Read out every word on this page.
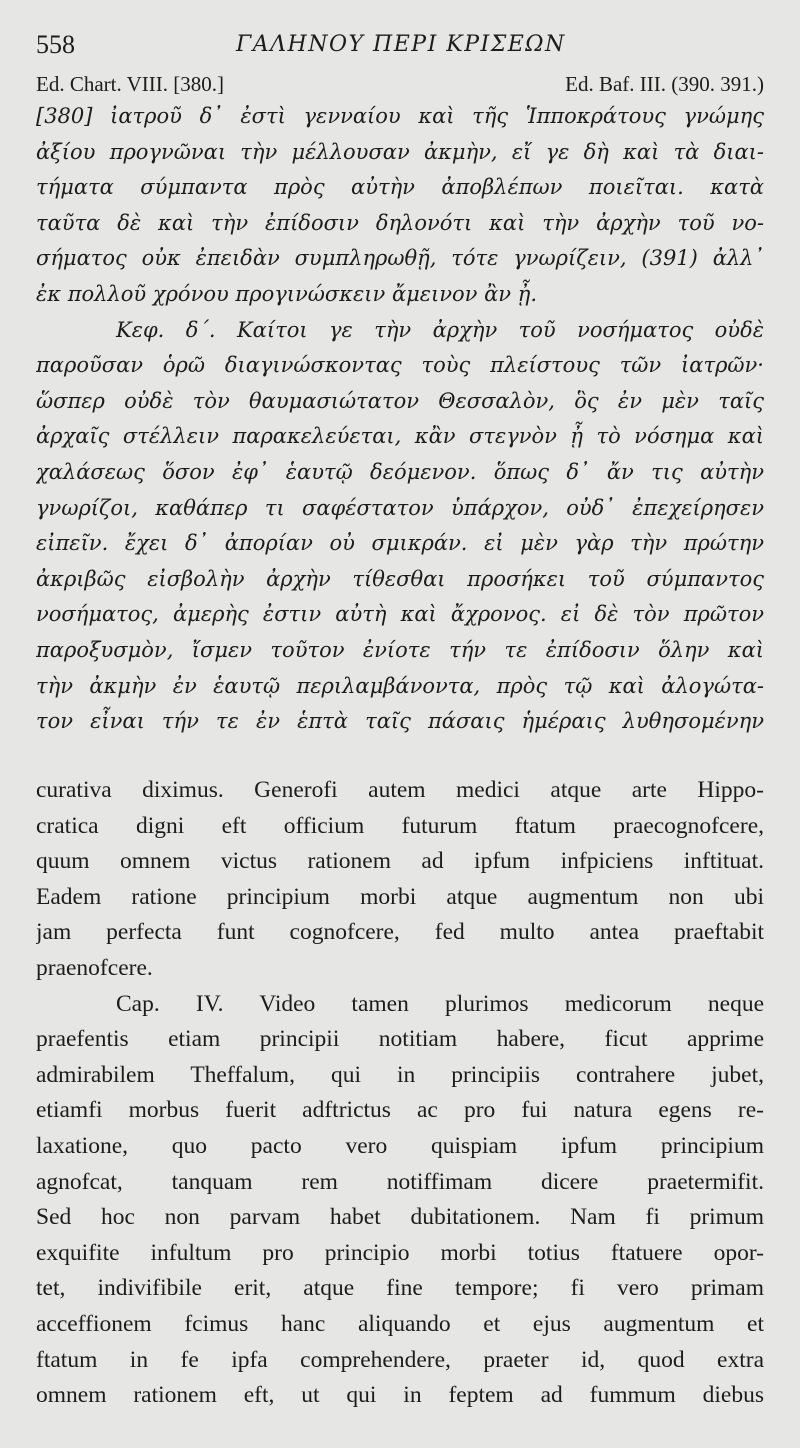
558	ΓΑΛΗΝΟΥ ΠΕΡΙ ΚΡΙΣΕΩΝ
Ed. Chart. VIII. [380.]	Ed. Baf. III. (390. 391.)
[380] ἰατροῦ δ᾽ ἐστὶ γενναίου καὶ τῆς Ἱπποκράτους γνώμης
ἀξίου προγνῶναι τὴν μέλλουσαν ἀκμὴν, εἴ γε δὴ καὶ τὰ διαι-
τήματα σύμπαντα πρὸς αὐτὴν ἀποβλέπων ποιεῖται. κατὰ
ταῦτα δὲ καὶ τὴν ἐπίδοσιν δηλονότι καὶ τὴν ἀρχὴν τοῦ νο-
σήματος οὐκ ἐπειδὰν συμπληρωθῇ, τότε γνωρίζειν, (391) ἀλλ᾽
ἐκ πολλοῦ χρόνου προγινώσκειν ἄμεινον ἂν ᾖ.
Κεφ. δ΄. Καίτοι γε τὴν ἀρχὴν τοῦ νοσήματος οὐδὲ
παροῦσαν ὁρῶ διαγινώσκοντας τοὺς πλείστους τῶν ἰατρῶν·
ὥσπερ οὐδὲ τὸν θαυμασιώτατον Θεσσαλὸν, ὃς ἐν μὲν ταῖς
ἀρχαῖς στέλλειν παρακελεύεται, κἂν στεγνὸν ᾖ τὸ νόσημα καὶ
χαλάσεως ὅσον ἐφ᾽ ἑαυτῷ δεόμενον. ὅπως δ᾽ ἄν τις αὐτὴν
γνωρίζοι, καθάπερ τι σαφέστατον ὑπάρχον, οὐδ᾽ ἐπεχείρησεν
εἰπεῖν. ἔχει δ᾽ ἀπορίαν οὐ σμικράν. εἰ μὲν γὰρ τὴν πρώτην
ἀκριβῶς εἰσβολὴν ἀρχὴν τίθεσθαι προσήκει τοῦ σύμπαντος
νοσήματος, ἀμερὴς ἐστιν αὐτὴ καὶ ἄχρονος. εἰ δὲ τὸν πρῶτον
παροξυσμὸν, ἴσμεν τοῦτον ἐνίοτε τήν τε ἐπίδοσιν ὅλην καὶ
τὴν ἀκμὴν ἐν ἑαυτῷ περιλαμβάνοντα, πρὸς τῷ καὶ ἀλογώτα-
τον εἶναι τήν τε ἐν ἑπτὰ ταῖς πάσαις ἡμέραις λυθησομένην
curativa diximus. Generofi autem medici atque arte Hippo-
cratica digni eft officium futurum ftatum praecognofcere,
quum omnem victus rationem ad ipfum infpiciens inftituat.
Eadem ratione principium morbi atque augmentum non ubi
jam perfecta funt cognofcere, fed multo antea praeftabit
praenofcere.
Cap. IV. Video tamen plurimos medicorum neque
praefentis etiam principii notitiam habere, ficut apprime
admirabilem Theffalum, qui in principiis contrahere jubet,
etiamfi morbus fuerit adftrictus ac pro fui natura egens re-
laxatione, quo pacto vero quispiam ipfum principium
agnofcat, tanquam rem notiffimam dicere praetermifit.
Sed hoc non parvam habet dubitationem. Nam fi primum
exquifite infultum pro principio morbi totius ftatuere opor-
tet, indivifibile erit, atque fine tempore; fi vero primam
acceffionem fcimus hanc aliquando et ejus augmentum et
ftatum in fe ipfa comprehendere, praeter id, quod extra
omnem rationem eft, ut qui in feptem ad fummum diebus
